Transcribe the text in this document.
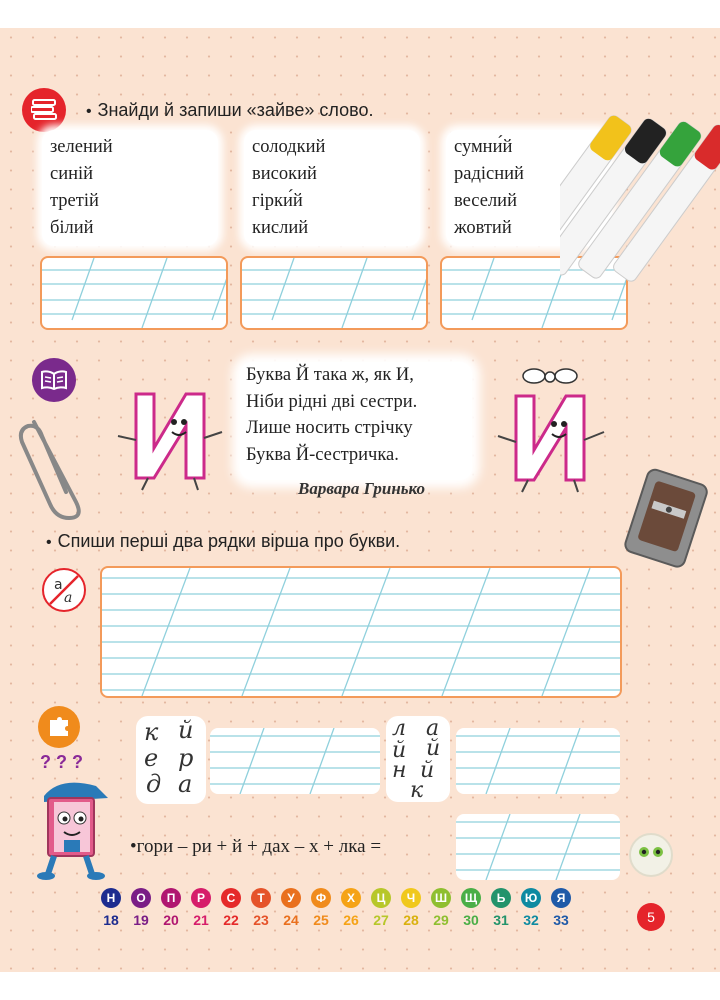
• Знайди й запиши «зайве» слово.
зелений
синій
третій
білий
солодкий
високий
гірки́й
кислий
сумни́й
радісний
веселий
жовтий
Буква Й така ж, як И,
Ніби рідні дві сестри.
Лише носить стрічку
Буква Й-сестричка.
Варвара Гринько
• Спиши перші два рядки вірша про букви.
а
а
? ? ?
к й
е р
д а
л а
й й
н й
к
•гори – ри + й + дах – х + лка =
Н	О	П	Р	С	Т	У	Ф	Х	Ц	Ч	Ш	Щ	Ь	Ю	Я
18	19	20	21	22	23	24	25	26	27	28	29	30	31	32	33	5
